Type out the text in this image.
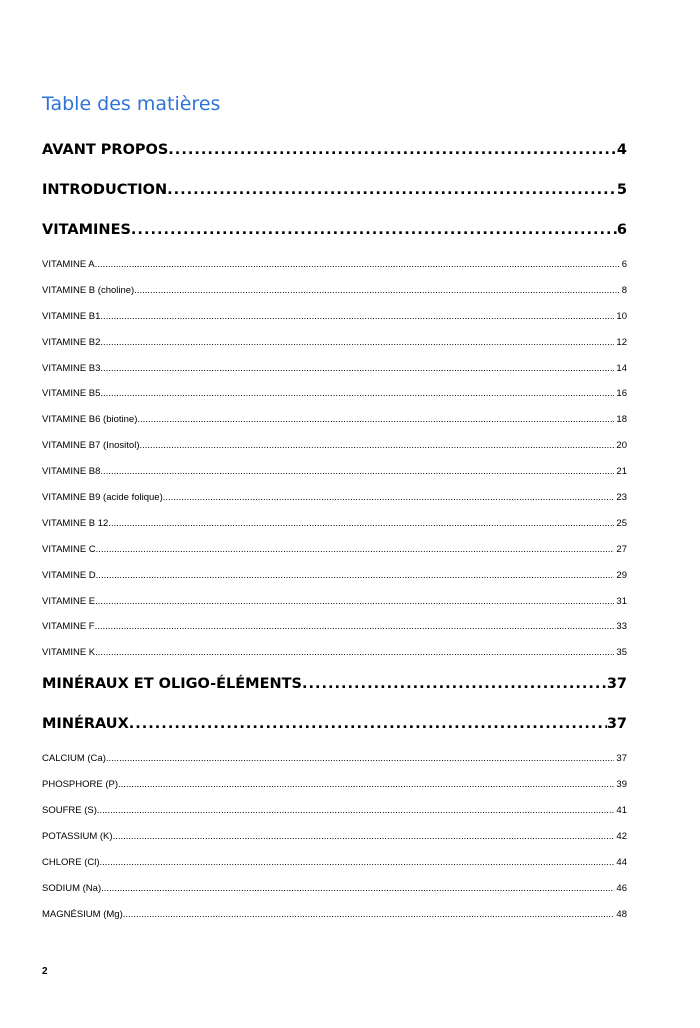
Table des matières
AVANT PROPOS .....	4
INTRODUCTION .....	5
VITAMINES .....	6
VITAMINE A .....	6
VITAMINE B (choline) .....	8
VITAMINE B1 .....	10
VITAMINE B2 .....	12
VITAMINE B3 .....	14
VITAMINE B5 .....	16
VITAMINE B6 (biotine) .....	18
VITAMINE B7 (Inositol) .....	20
VITAMINE B8 .....	21
VITAMINE B9 (acide folique) .....	23
VITAMINE B 12 .....	25
VITAMINE C .....	27
VITAMINE D .....	29
VITAMINE E .....	31
VITAMINE F .....	33
VITAMINE K .....	35
MINÉRAUX ET OLIGO-ÉLÉMENTS .....	37
MINÉRAUX .....	37
CALCIUM (Ca) .....	37
PHOSPHORE (P) .....	39
SOUFRE (S) .....	41
POTASSIUM (K) .....	42
CHLORE (Cl) .....	44
SODIUM (Na) .....	46
MAGNÉSIUM (Mg) .....	48
2
